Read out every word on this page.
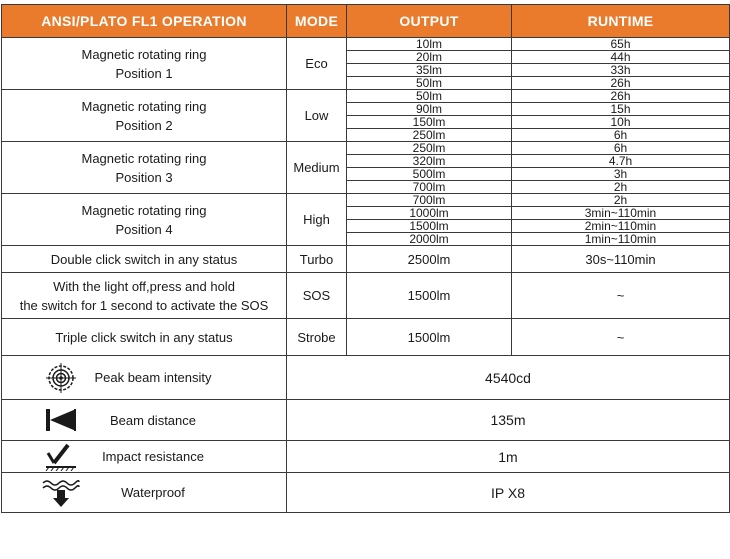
ANSI/PLATO FL1 OPERATION	MODE	OUTPUT	RUNTIME

Magnetic rotating ring
Position 1	Eco	10lm	65h
		20lm	44h
		35lm	33h
		50lm	26h

Magnetic rotating ring
Position 2	Low	50lm	26h
		90lm	15h
		150lm	10h
		250lm	6h

Magnetic rotating ring
Position 3	Medium	250lm	6h
		320lm	4.7h
		500lm	3h
		700lm	2h

Magnetic rotating ring
Position 4	High	700lm	2h
		1000lm	3min~110min
		1500lm	2min~110min
		2000lm	1min~110min
Double click switch in any status	Turbo	2500lm	30s~110min

With the light off,press and hold
the switch for 1 second to activate the SOS	SOS	1500lm	~
Triple click switch in any status	Strobe	1500lm	~

Peak beam intensity	4540cd		

Beam distance	135m		

Impact resistance	1m		

Waterproof	IP X8		
